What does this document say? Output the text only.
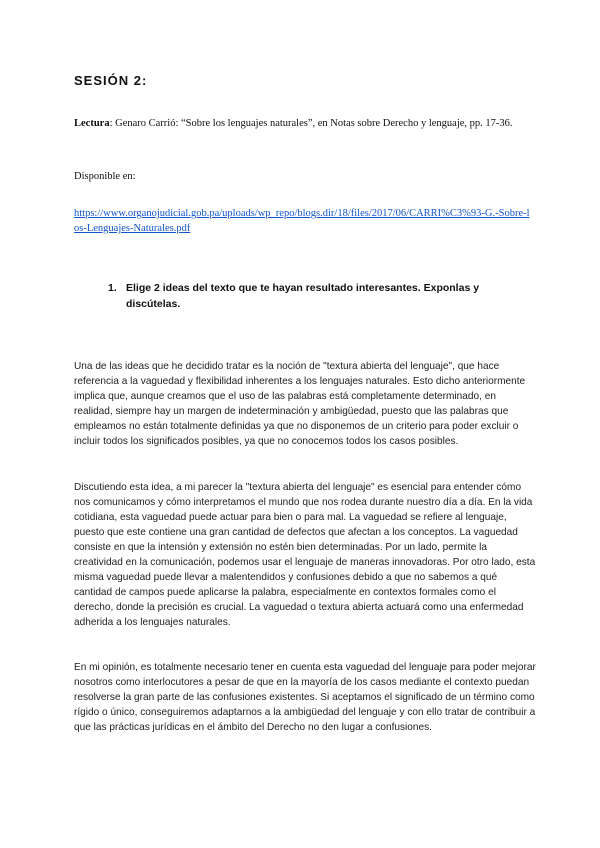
SESIÓN 2:

Lectura: Genaro Carrió: “Sobre los lenguajes naturales”, en Notas sobre Derecho y lenguaje, pp. 17-36.

Disponible en:

https://www.organojudicial.gob.pa/uploads/wp_repo/blogs.dir/18/files/2017/06/CARRI%C3%93-G.-Sobre-los-Lenguajes-Naturales.pdf

1. Elige 2 ideas del texto que te hayan resultado interesantes. Exponlas y discútelas.

Una de las ideas que he decidido tratar es la noción de "textura abierta del lenguaje", que hace referencia a la vaguedad y flexibilidad inherentes a los lenguajes naturales. Esto dicho anteriormente implica que, aunque creamos que el uso de las palabras está completamente determinado, en realidad, siempre hay un margen de indeterminación y ambigüedad, puesto que las palabras que empleamos no están totalmente definidas ya que no disponemos de un criterio para poder excluir o incluir todos los significados posibles, ya que no conocemos todos los casos posibles.

Discutiendo esta idea, a mi parecer la "textura abierta del lenguaje" es esencial para entender cómo nos comunicamos y cómo interpretamos el mundo que nos rodea durante nuestro día a día. En la vida cotidiana, esta vaguedad puede actuar para bien o para mal. La vaguedad se refiere al lenguaje, puesto que este contiene una gran cantidad de defectos que afectan a los conceptos. La vaguedad consiste en que la intensión y extensión no estén bien determinadas. Por un lado, permite la creatividad en la comunicación, podemos usar el lenguaje de maneras innovadoras. Por otro lado, esta misma vaguedad puede llevar a malentendidos y confusiones debido a que no sabemos a qué cantidad de campos puede aplicarse la palabra, especialmente en contextos formales como el derecho, donde la precisión es crucial. La vaguedad o textura abierta actuará como una enfermedad adherida a los lenguajes naturales.

En mi opinión, es totalmente necesario tener en cuenta esta vaguedad del lenguaje para poder mejorar nosotros como interlocutores a pesar de que en la mayoría de los casos mediante el contexto puedan resolverse la gran parte de las confusiones existentes. Si aceptamos el significado de un término como rígido o único, conseguiremos adaptarnos a la ambigüedad del lenguaje y con ello tratar de contribuir a que las prácticas jurídicas en el ámbito del Derecho no den lugar a confusiones.
